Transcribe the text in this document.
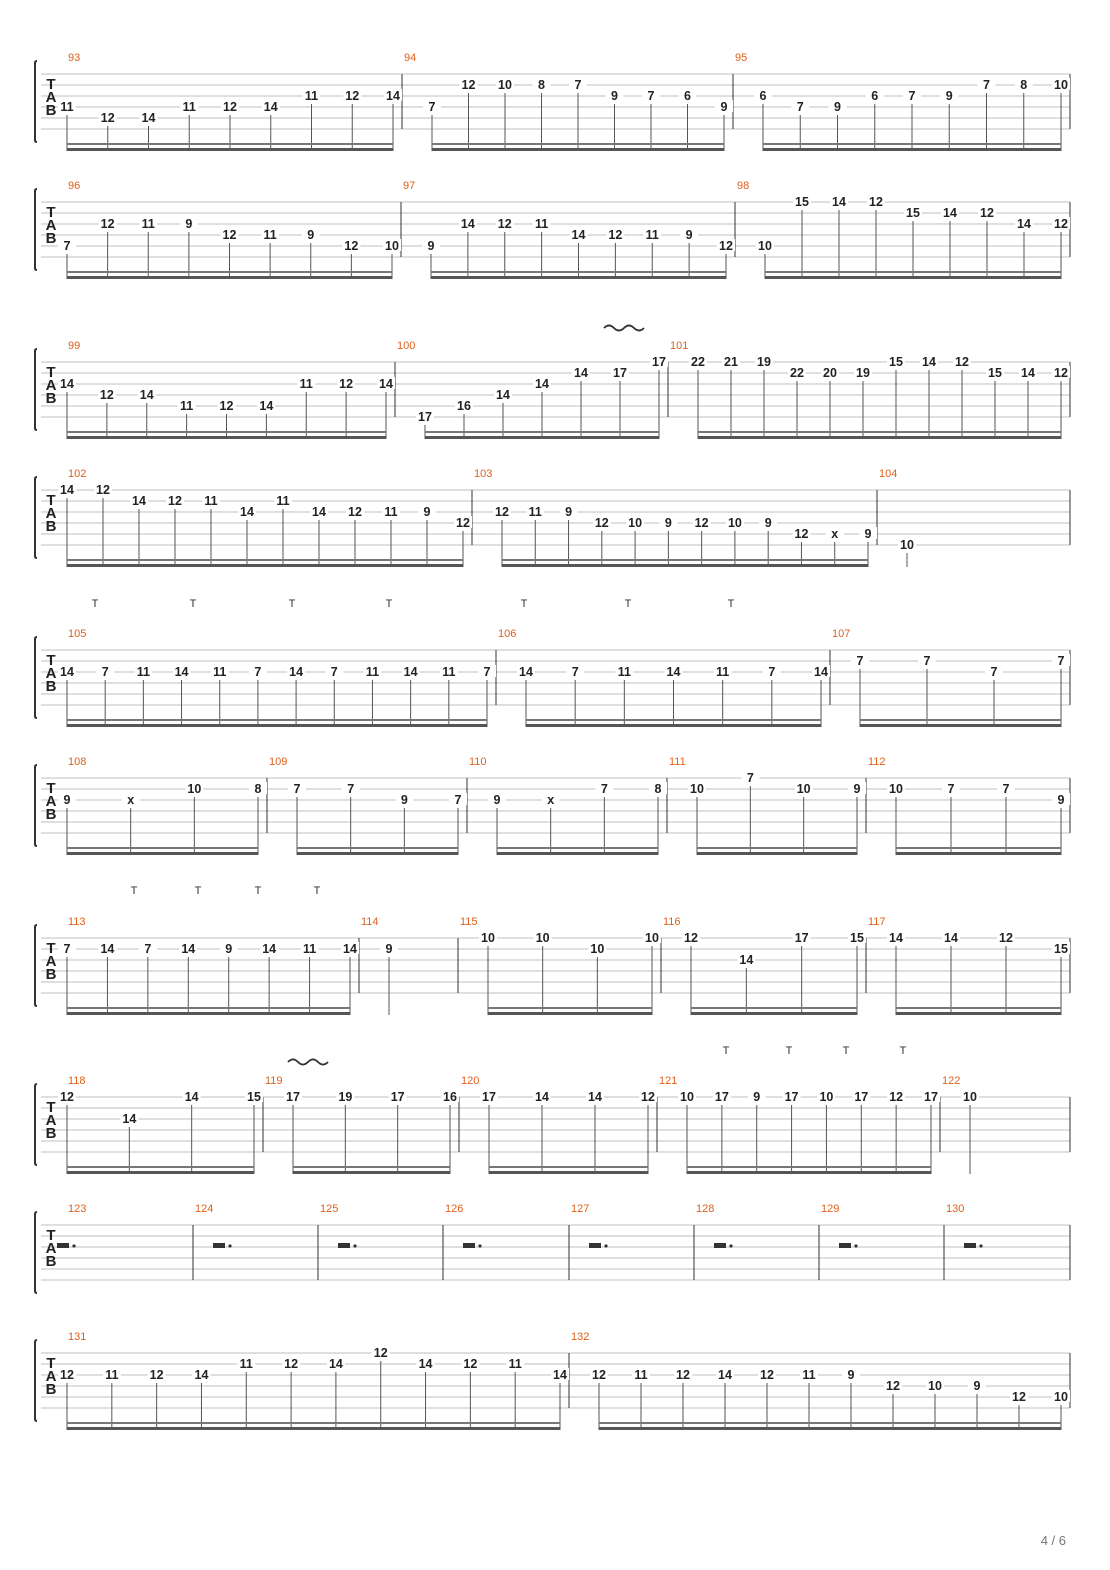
T
A
B
93
11
12 14
11 12 14
11 12 14
94
7
12 10 8 7
9 7 6
9
95
6
7 9
6 7 9
7 8 10
T
A
B
96
7
12 11 9
12 11 9
12 10
97
9
14 12 11
14 12 11 9
12
98
10
15 14 12
15 14 12
14 12
T
A
B
99
14
12 14
11 12 14
11 12 14
100
17
16
14
14
14 17
17
101
22 21 19
22 20 19
15 14 12
15 14 12
T
A
B
102
14 12
14 12 11
14
11
14 12 11 9
12
103
12 11 9
12 10 9 12 10 9
12 x 9
104
10
T
A
B
105
14 7 11 14 11 7 14 7 11 14 11 7
106
14	7	11	14	11	7	14
107
7	7
7
7
T
A
B
108
9	x
10	8
109
7	7
9	7
110
9	x
7	8
111
10
7
10	9
112
10	7	7
9
T
A
B
113
7 14 7 14 9 14 11 14
114
9
115
10	10
10
10
116
12
14
17	15
117
14	14	12
15
T
A
B
118
12
14
14	15
119
17	19	17	16
120
17	14	14	12
121
10 17 9 17 10 17 12 17
122
10
T
A
B
123	124	125	126	127	128	129	130
T
A
B
131
12	11	12 14
11	12 14
12
14 12	11
14
132
12 11 12 14 12 11	9
12 10	9
12 10
T	T	T	T	T	T	T
T	T	T	T
T	T	T	T
4 / 6
